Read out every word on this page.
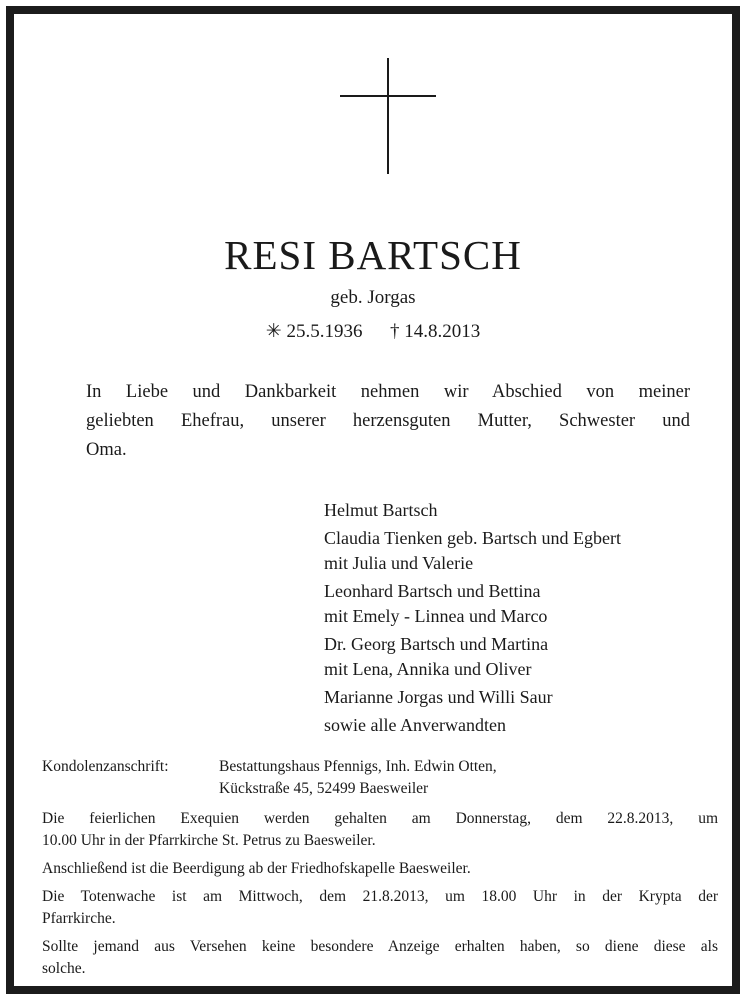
RESI BARTSCH
geb. Jorgas
✳ 25.5.1936 † 14.8.2013
In Liebe und Dankbarkeit nehmen wir Abschied von meiner
geliebten Ehefrau, unserer herzensguten Mutter, Schwester und
Oma.
Helmut Bartsch
Claudia Tienken geb. Bartsch und Egbert
mit Julia und Valerie
Leonhard Bartsch und Bettina
mit Emely - Linnea und Marco
Dr. Georg Bartsch und Martina
mit Lena, Annika und Oliver
Marianne Jorgas und Willi Saur
sowie alle Anverwandten
Kondolenzanschrift:	Bestattungshaus Pfennigs, Inh. Edwin Otten,
Kückstraße 45, 52499 Baesweiler

Die feierlichen Exequien werden gehalten am Donnerstag, dem 22.8.2013, um
10.00 Uhr in der Pfarrkirche St. Petrus zu Baesweiler.

Anschließend ist die Beerdigung ab der Friedhofskapelle Baesweiler.

Die Totenwache ist am Mittwoch, dem 21.8.2013, um 18.00 Uhr in der Krypta der
Pfarrkirche.

Sollte jemand aus Versehen keine besondere Anzeige erhalten haben, so diene diese als
solche.
